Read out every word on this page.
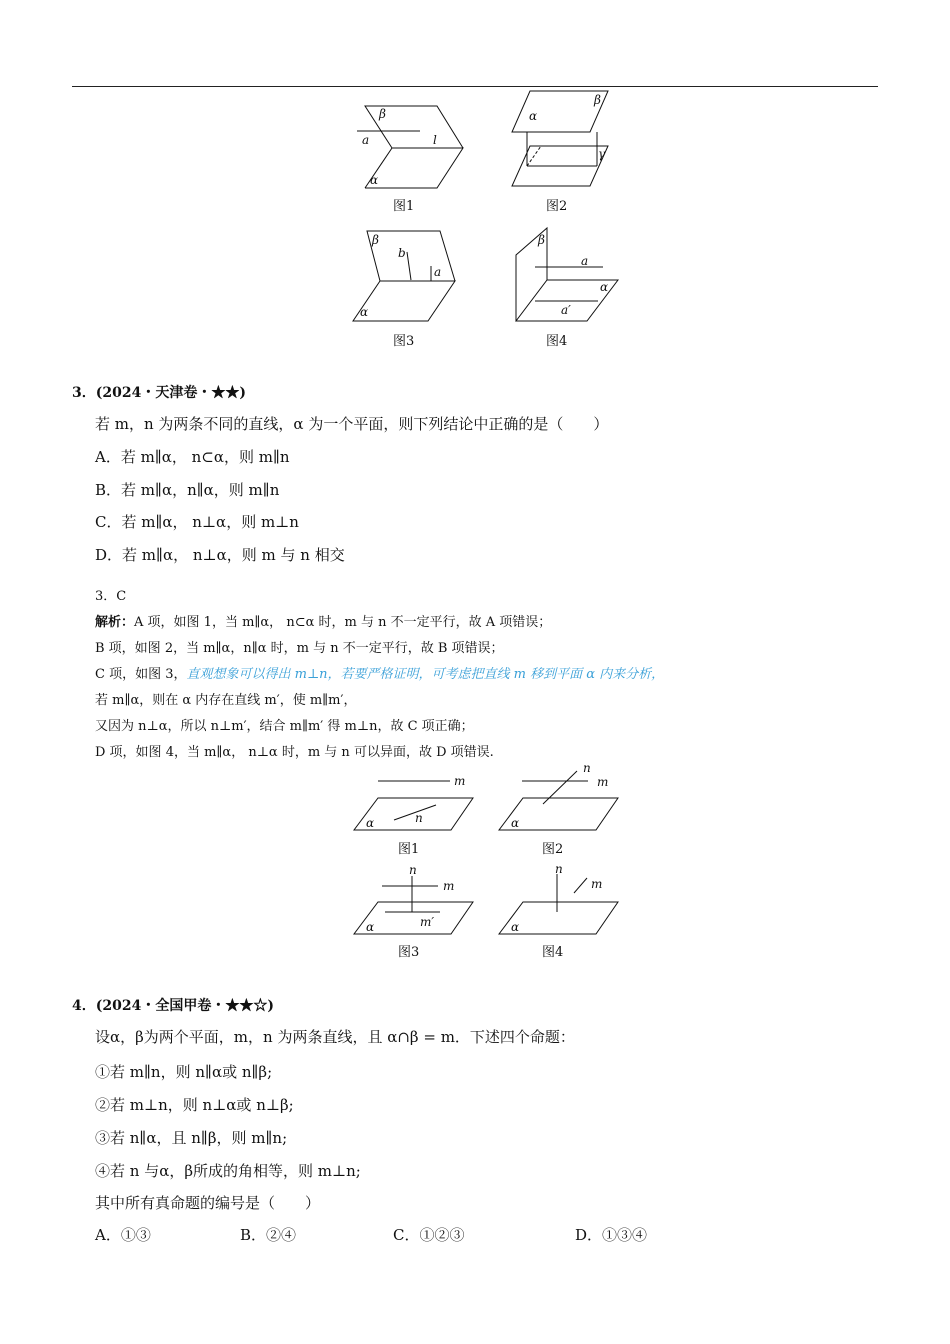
β
a	l
α
图1
β
α
γ
图2
β
b
a
α
图3
β
a
α
a′
图4
3．(2024・天津卷・★★)
若 m，n 为两条不同的直线，α 为一个平面，则下列结论中正确的是（　　）
A．若 m∥α， n⊂α，则 m∥n
B．若 m∥α，n∥α，则 m∥n
C．若 m∥α， n⊥α，则 m⊥n
D．若 m∥α， n⊥α，则 m 与 n 相交
3．C
解析：A 项，如图 1，当 m∥α， n⊂α 时，m 与 n 不一定平行，故 A 项错误；
B 项，如图 2，当 m∥α，n∥α 时，m 与 n 不一定平行，故 B 项错误；
C 项，如图 3，直观想象可以得出 m⊥n，若要严格证明，可考虑把直线 m 移到平面 α 内来分析，
若 m∥α，则在 α 内存在直线 m′，使 m∥m′，
又因为 n⊥α，所以 n⊥m′，结合 m∥m′ 得 m⊥n，故 C 项正确；
D 项，如图 4，当 m∥α， n⊥α 时，m 与 n 可以异面，故 D 项错误.
m
n
α
图1
n
m
α
图2
n
m
m′
α
图3
n
m
α
图4
4．(2024・全国甲卷・★★☆)
设α，β为两个平面，m，n 为两条直线，且 α∩β = m．下述四个命题：
①若 m∥n，则 n∥α或 n∥β;
②若 m⊥n，则 n⊥α或 n⊥β;
③若 n∥α，且 n∥β，则 m∥n;
④若 n 与α，β所成的角相等，则 m⊥n;
其中所有真命题的编号是（　　）
A．①③	B．②④	C．①②③	D．①③④
